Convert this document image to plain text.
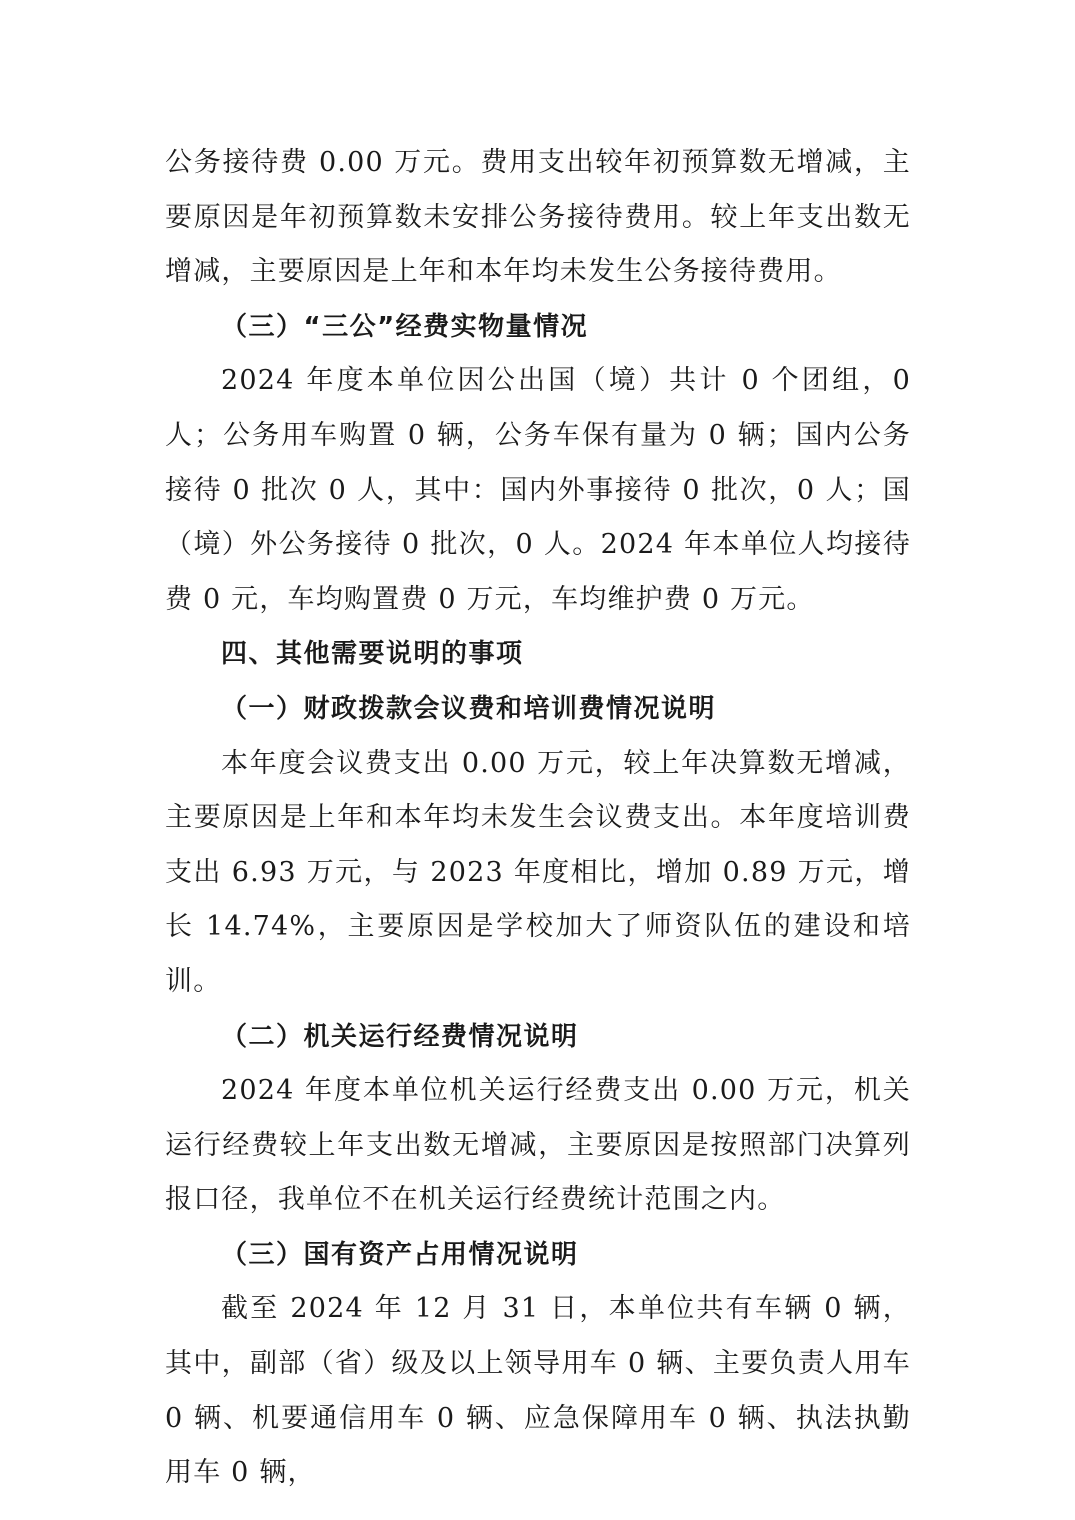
公务接待费 0.00 万元。费用支出较年初预算数无增减，主要原因是年初预算数未安排公务接待费用。较上年支出数无增减，主要原因是上年和本年均未发生公务接待费用。

（三）“三公”经费实物量情况

2024 年度本单位因公出国（境）共计 0 个团组，0 人；公务用车购置 0 辆，公务车保有量为 0 辆；国内公务接待 0 批次 0 人，其中：国内外事接待 0 批次，0 人；国（境）外公务接待 0 批次，0 人。2024 年本单位人均接待费 0 元，车均购置费 0 万元，车均维护费 0 万元。

四、其他需要说明的事项

（一）财政拨款会议费和培训费情况说明

本年度会议费支出 0.00 万元，较上年决算数无增减，主要原因是上年和本年均未发生会议费支出。本年度培训费支出 6.93 万元，与 2023 年度相比，增加 0.89 万元，增长 14.74%，主要原因是学校加大了师资队伍的建设和培训。

（二）机关运行经费情况说明

2024 年度本单位机关运行经费支出 0.00 万元，机关运行经费较上年支出数无增减，主要原因是按照部门决算列报口径，我单位不在机关运行经费统计范围之内。

（三）国有资产占用情况说明

截至 2024 年 12 月 31 日，本单位共有车辆 0 辆，其中，副部（省）级及以上领导用车 0 辆、主要负责人用车 0 辆、机要通信用车 0 辆、应急保障用车 0 辆、执法执勤用车 0 辆，
